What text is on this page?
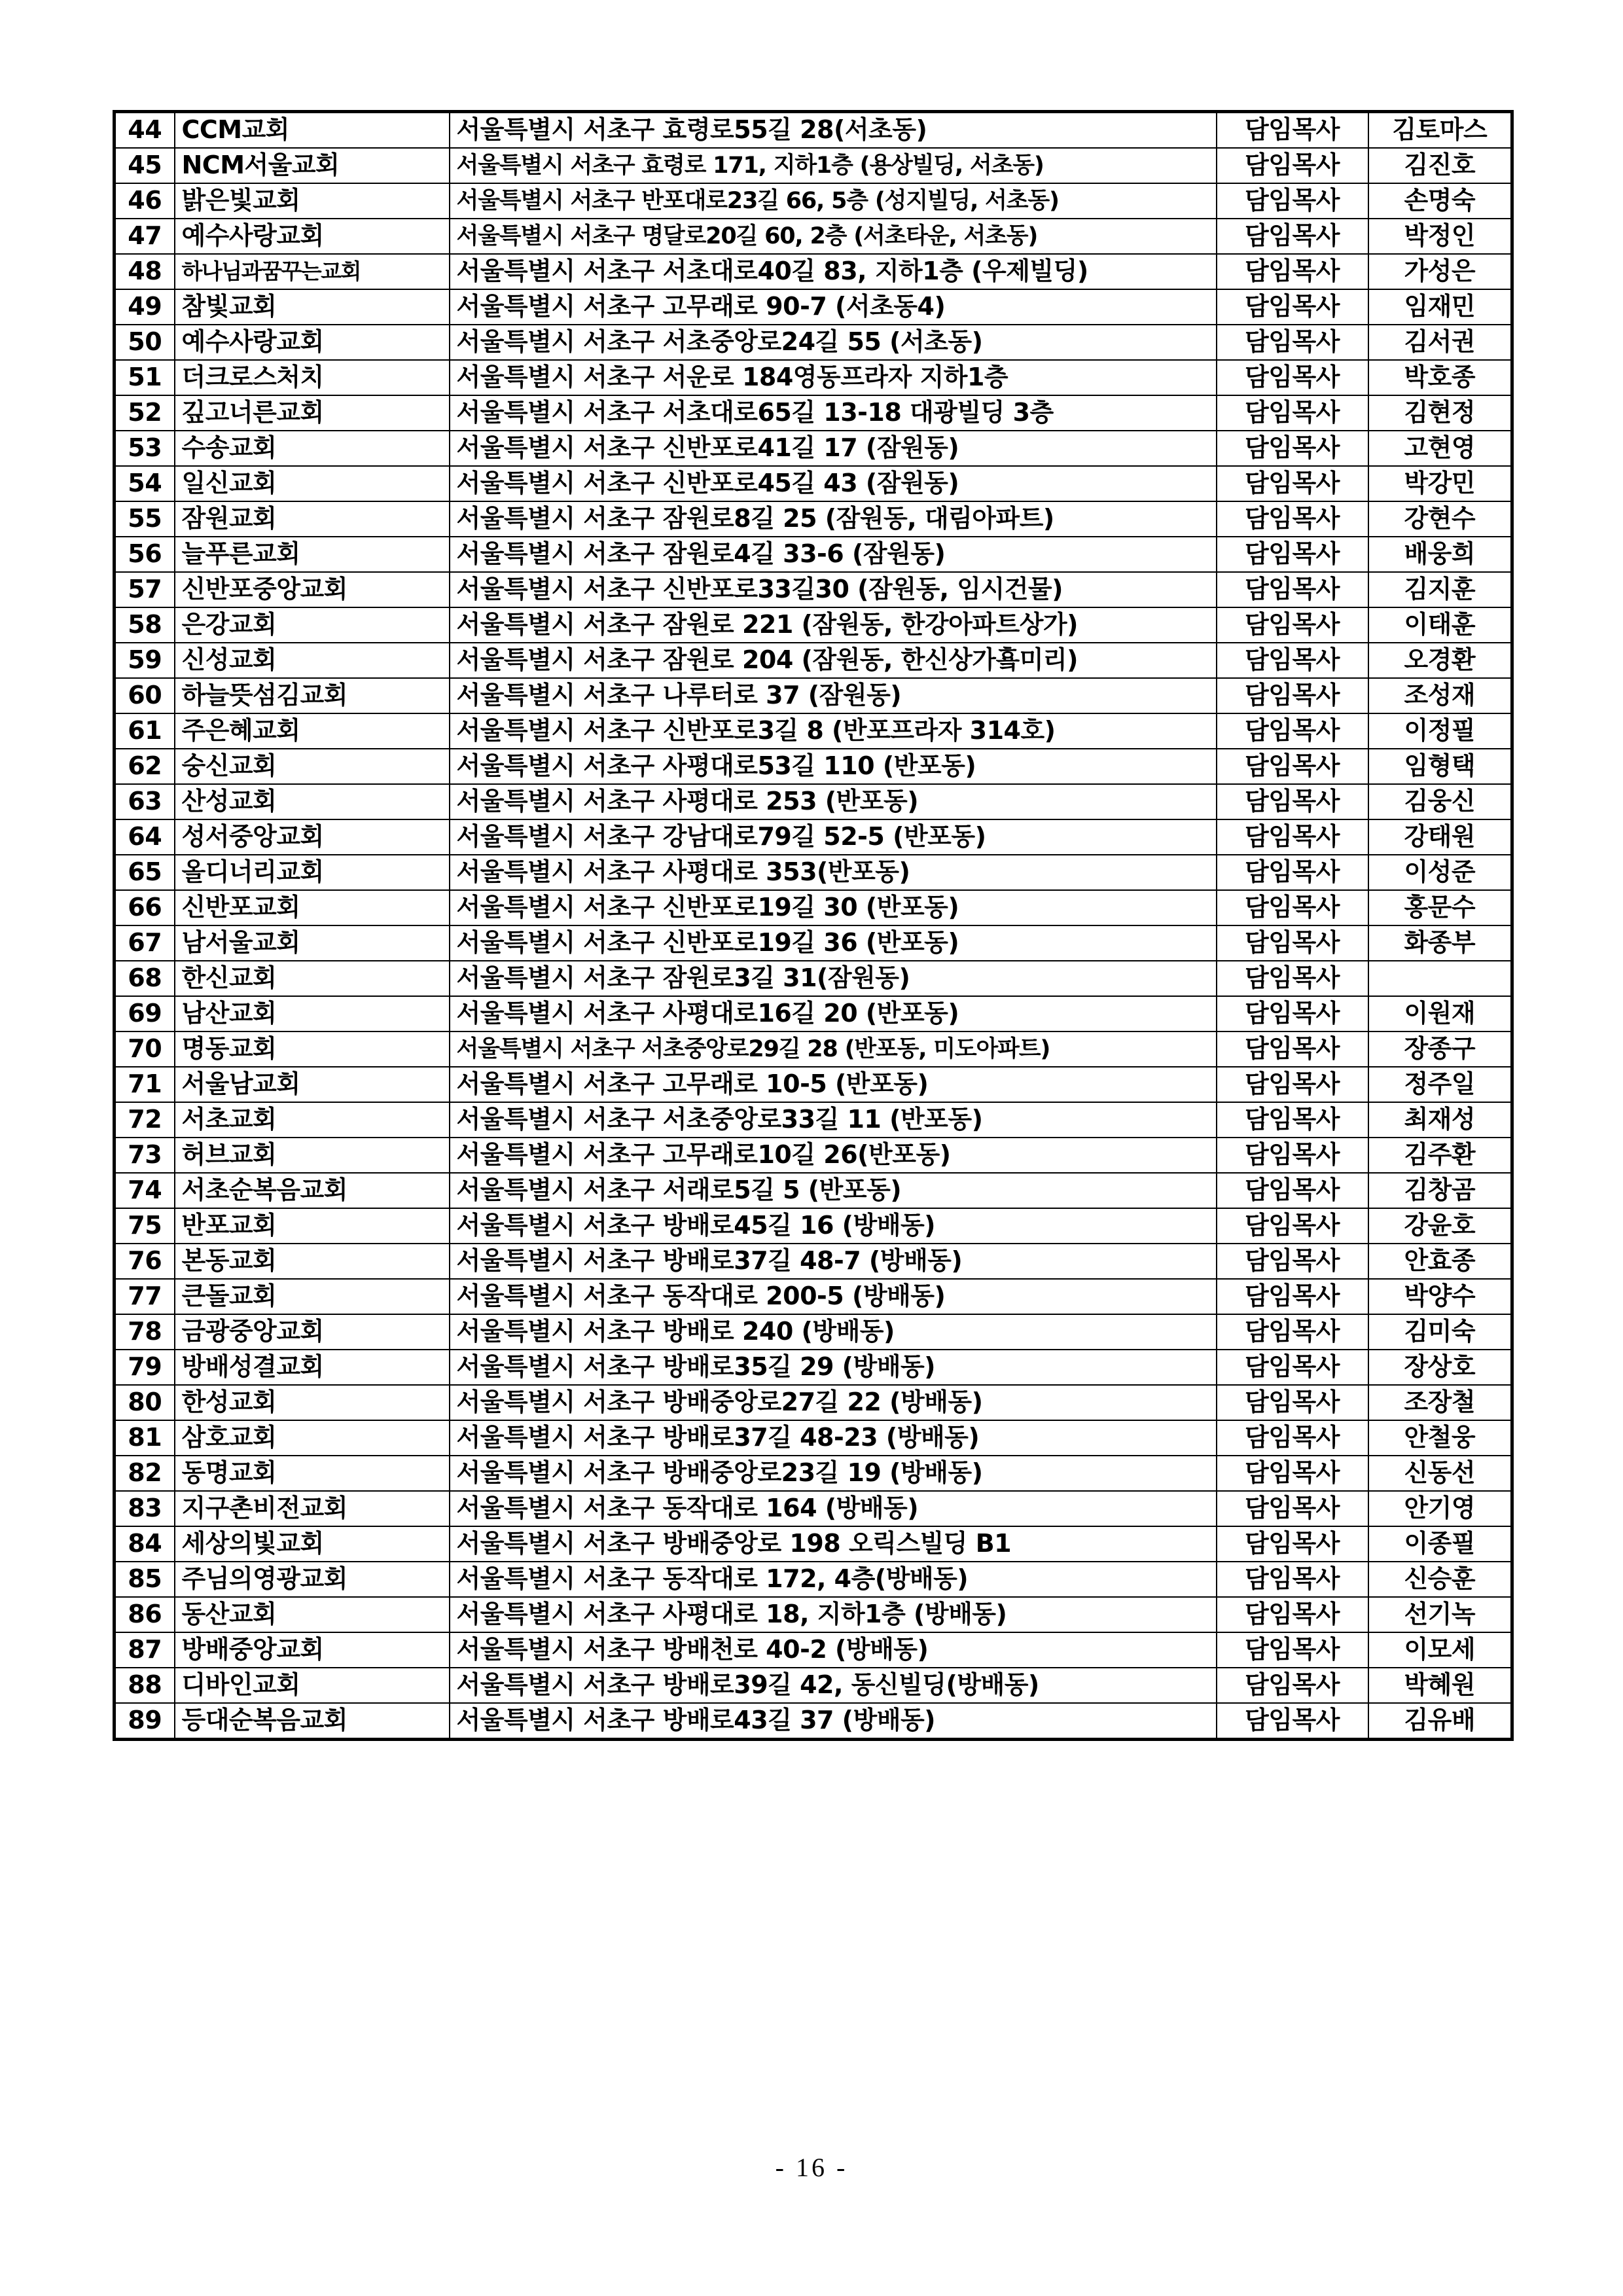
44	CCM교회	서울특별시 서초구 효령로55길 28(서초동)	담임목사	김토마스
45	NCM서울교회	서울특별시 서초구 효령로 171, 지하1층 (용상빌딩, 서초동)	담임목사	김진호
46	밝은빛교회	서울특별시 서초구 반포대로23길 66, 5층 (성지빌딩, 서초동)	담임목사	손명숙
47	예수사랑교회	서울특별시 서초구 명달로20길 60, 2층 (서초타운, 서초동)	담임목사	박정인
48	하나님과꿈꾸는교회	서울특별시 서초구 서초대로40길 83, 지하1층 (우제빌딩)	담임목사	가성은
49	참빛교회	서울특별시 서초구 고무래로 90-7 (서초동4)	담임목사	임재민
50	예수사랑교회	서울특별시 서초구 서초중앙로24길 55 (서초동)	담임목사	김서권
51	더크로스처치	서울특별시 서초구 서운로 184영동프라자 지하1층	담임목사	박호종
52	깊고너른교회	서울특별시 서초구 서초대로65길 13-18 대광빌딩 3층	담임목사	김현정
53	수송교회	서울특별시 서초구 신반포로41길 17 (잠원동)	담임목사	고현영
54	일신교회	서울특별시 서초구 신반포로45길 43 (잠원동)	담임목사	박강민
55	잠원교회	서울특별시 서초구 잠원로8길 25 (잠원동, 대림아파트)	담임목사	강현수
56	늘푸른교회	서울특별시 서초구 잠원로4길 33-6 (잠원동)	담임목사	배웅희
57	신반포중앙교회	서울특별시 서초구 신반포로33길30 (잠원동, 임시건물)	담임목사	김지훈
58	은강교회	서울특별시 서초구 잠원로 221 (잠원동, 한강아파트상가)	담임목사	이태훈
59	신성교회	서울특별시 서초구 잠원로 204 (잠원동, 한신상가훀미리)	담임목사	오경환
60	하늘뜻섬김교회	서울특별시 서초구 나루터로 37 (잠원동)	담임목사	조성재
61	주은혜교회	서울특별시 서초구 신반포로3길 8 (반포프라자 314호)	담임목사	이정필
62	숭신교회	서울특별시 서초구 사평대로53길 110 (반포동)	담임목사	임형택
63	산성교회	서울특별시 서초구 사평대로 253 (반포동)	담임목사	김웅신
64	성서중앙교회	서울특별시 서초구 강남대로79길 52-5 (반포동)	담임목사	강태원
65	올디너리교회	서울특별시 서초구 사평대로 353(반포동)	담임목사	이성준
66	신반포교회	서울특별시 서초구 신반포로19길 30 (반포동)	담임목사	홍문수
67	남서울교회	서울특별시 서초구 신반포로19길 36 (반포동)	담임목사	화종부
68	한신교회	서울특별시 서초구 잠원로3길 31(잠원동)	담임목사	
69	남산교회	서울특별시 서초구 사평대로16길 20 (반포동)	담임목사	이원재
70	명동교회	서울특별시 서초구 서초중앙로29길 28 (반포동, 미도아파트)	담임목사	장종구
71	서울남교회	서울특별시 서초구 고무래로 10-5 (반포동)	담임목사	정주일
72	서초교회	서울특별시 서초구 서초중앙로33길 11 (반포동)	담임목사	최재성
73	허브교회	서울특별시 서초구 고무래로10길 26(반포동)	담임목사	김주환
74	서초순복음교회	서울특별시 서초구 서래로5길 5 (반포동)	담임목사	김창곰
75	반포교회	서울특별시 서초구 방배로45길 16 (방배동)	담임목사	강윤호
76	본동교회	서울특별시 서초구 방배로37길 48-7 (방배동)	담임목사	안효종
77	큰돌교회	서울특별시 서초구 동작대로 200-5 (방배동)	담임목사	박양수
78	금광중앙교회	서울특별시 서초구 방배로 240 (방배동)	담임목사	김미숙
79	방배성결교회	서울특별시 서초구 방배로35길 29 (방배동)	담임목사	장상호
80	한성교회	서울특별시 서초구 방배중앙로27길 22 (방배동)	담임목사	조장철
81	삼호교회	서울특별시 서초구 방배로37길 48-23 (방배동)	담임목사	안철웅
82	동명교회	서울특별시 서초구 방배중앙로23길 19 (방배동)	담임목사	신동선
83	지구촌비전교회	서울특별시 서초구 동작대로 164 (방배동)	담임목사	안기영
84	세상의빛교회	서울특별시 서초구 방배중앙로 198 오릭스빌딩 B1	담임목사	이종필
85	주님의영광교회	서울특별시 서초구 동작대로 172, 4층(방배동)	담임목사	신승훈
86	동산교회	서울특별시 서초구 사평대로 18, 지하1층 (방배동)	담임목사	선기녹
87	방배중앙교회	서울특별시 서초구 방배천로 40-2 (방배동)	담임목사	이모세
88	디바인교회	서울특별시 서초구 방배로39길 42, 동신빌딩(방배동)	담임목사	박혜원
89	등대순복음교회	서울특별시 서초구 방배로43길 37 (방배동)	담임목사	김유배
- 16 -
